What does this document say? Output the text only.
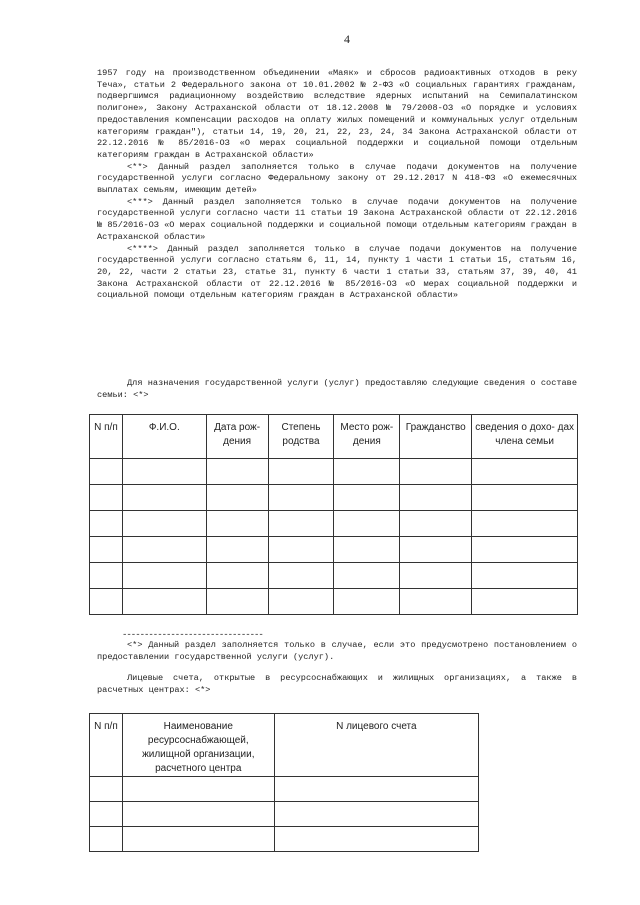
4

1957 году на производственном объединении «Маяк» и сбросов радиоактивных отходов в реку Теча», статьи 2 Федерального закона от 10.01.2002 № 2-ФЗ «О социальных гарантиях гражданам, подвергшимся радиационному воздействию вследствие ядерных испытаний на Семипалатинском полигоне», Закону Астраханской области от 18.12.2008 № 79/2008-ОЗ «О порядке и условиях предоставления компенсации расходов на оплату жилых помещений и коммунальных услуг отдельным категориям граждан"), статьи 14, 19, 20, 21, 22, 23, 24, 34 Закона Астраханской области от 22.12.2016 № 85/2016-ОЗ «О мерах социальной поддержки и социальной помощи отдельным категориям граждан в Астраханской области»

<**> Данный раздел заполняется только в случае подачи документов на получение государственной услуги согласно Федеральному закону от 29.12.2017 N 418-ФЗ «О ежемесячных выплатах семьям, имеющим детей»

<***> Данный раздел заполняется только в случае подачи документов на получение государственной услуги согласно части 11 статьи 19 Закона Астраханской области от 22.12.2016 № 85/2016-ОЗ «О мерах социальной поддержки и социальной помощи отдельным категориям граждан в Астраханской области»

<****> Данный раздел заполняется только в случае подачи документов на получение государственной услуги согласно статьям 6, 11, 14, пункту 1 части 1 статьи 15, статьям 16, 20, 22, части 2 статьи 23, статье 31, пункту 6 части 1 статьи 33, статьям 37, 39, 40, 41 Закона Астраханской области от 22.12.2016 № 85/2016-ОЗ «О мерах социальной поддержки и социальной помощи отдельным категориям граждан в Астраханской области»

Для назначения государственной услуги (услуг) предоставляю следующие сведения о составе семьи: <*>

N п/п	Ф.И.О.	Дата рож- дения	Степень родства	Место рож- дения	Гражданство	сведения о дохо- дах члена семьи

--------------------------------

<*> Данный раздел заполняется только в случае, если это предусмотрено постановлением о предоставлении государственной услуги (услуг).

Лицевые счета, открытые в ресурсоснабжающих и жилищных организациях, а также в расчетных центрах: <*>

N п/п	Наименование ресурсоснабжающей, жилищной организации, расчетного центра	N лицевого счета
